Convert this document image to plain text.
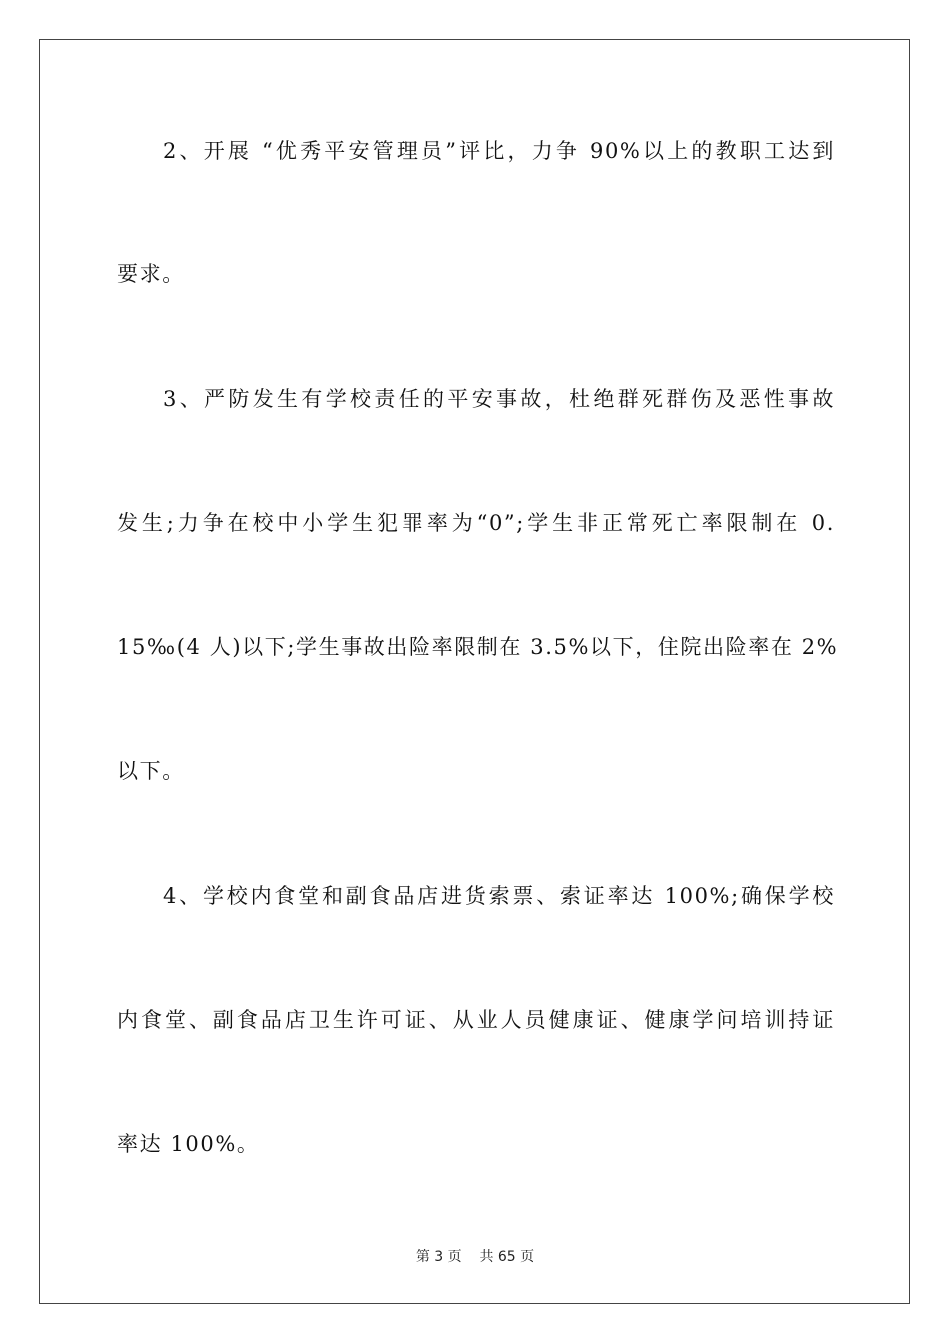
2、开展 “优秀平安管理员”评比，力争 90%以上的教职工达到
要求。
3、严防发生有学校责任的平安事故，杜绝群死群伤及恶性事故
发生;力争在校中小学生犯罪率为“0”;学生非正常死亡率限制在 0.
15‰(4 人)以下;学生事故出险率限制在 3.5%以下，住院出险率在 2%
以下。
4、学校内食堂和副食品店进货索票、索证率达 100%;确保学校
内食堂、副食品店卫生许可证、从业人员健康证、健康学问培训持证
率达 100%。
第 3 页 共 65 页
